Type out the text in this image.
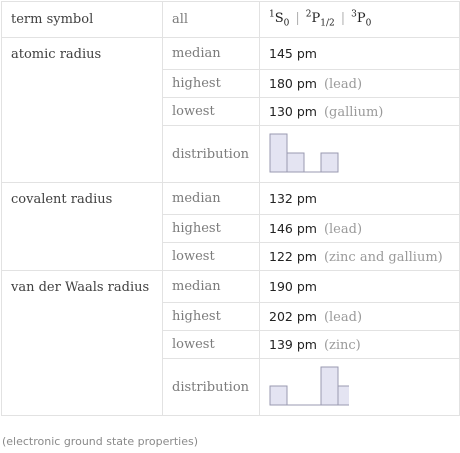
term symbol	all	$^1S_0$ | $^2P_{1/2}$ | $^3P_0$
atomic radius	median	145 pm
	highest	180 pm (lead)
	lowest	130 pm (gallium)
	distribution	

covalent radius	median	132 pm
	highest	146 pm (lead)
	lowest	122 pm (zinc and gallium)
van der Waals radius	median	190 pm
	highest	202 pm (lead)
	lowest	139 pm (zinc)
	distribution	
(electronic ground state properties)
